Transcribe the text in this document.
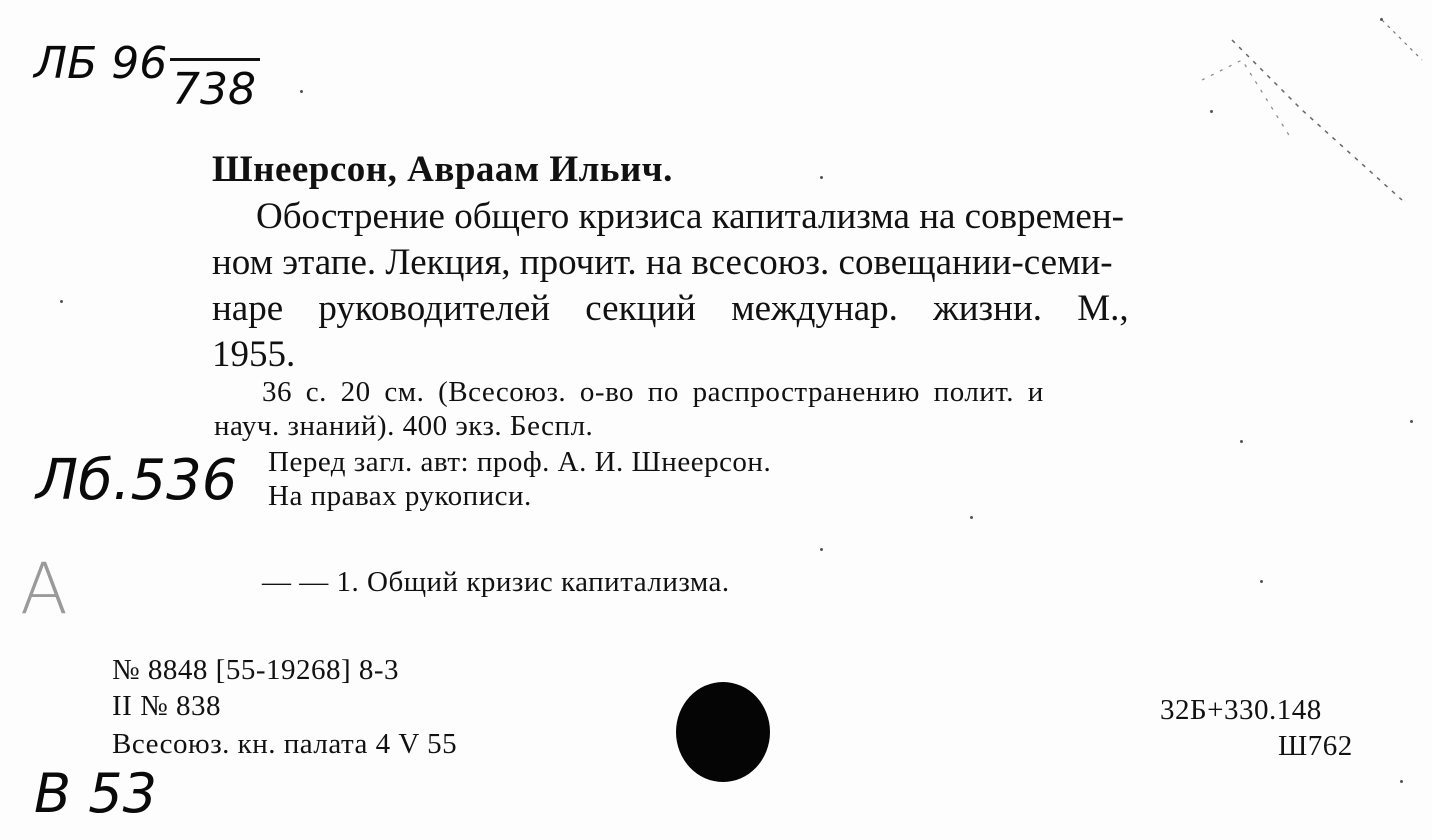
ЛБ 96
738
Шнеерсон, Авраам Ильич.
Обострение общего кризиса капитализма на современ-
ном этапе. Лекция, прочит. на всесоюз. совещании-семи-
наре руководителей секций междунар. жизни. М.,
1955.
36 с. 20 см. (Всесоюз. о-во по распространению полит. и
науч. знаний). 400 экз. Беспл.
Лб.536 Перед загл. авт: проф. А. И. Шнеерсон.
На правах рукописи.
А	— — 1. Общий кризис капитализма.
№ 8848 [55-19268] 8-3
II № 838
Всесоюз. кн. палата 4 V 55
32Б+330.148
Ш762
В 53
